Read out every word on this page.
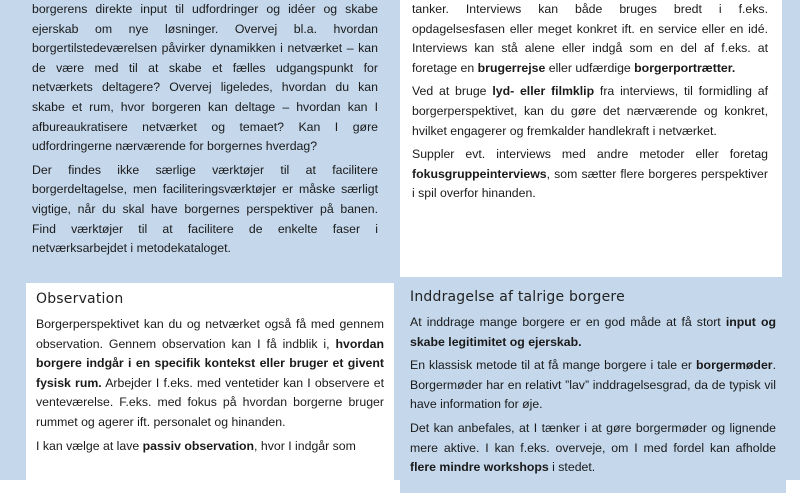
borgerens direkte input til udfordringer og idéer og skabe ejerskab om nye løsninger. Overvej bl.a. hvordan borgertilstedeværelsen påvirker dynamikken i netværket – kan de være med til at skabe et fælles udgangspunkt for netværkets deltagere? Overvej ligeledes, hvordan du kan skabe et rum, hvor borgeren kan deltage – hvordan kan I afbureaukratisere netværket og temaet? Kan I gøre udfordringerne nærværende for borgernes hverdag?

Der findes ikke særlige værktøjer til at facilitere borgerdeltagelse, men faciliteringsværktøjer er måske særligt vigtige, når du skal have borgernes perspektiver på banen. Find værktøjer til at facilitere de enkelte faser i netværksarbejdet i metodekataloget.

tanker. Interviews kan både bruges bredt i f.eks. opdagelsesfasen eller meget konkret ift. en service eller en idé. Interviews kan stå alene eller indgå som en del af f.eks. at foretage en brugerrejse eller udfærdige borgerportrætter.

Ved at bruge lyd- eller filmklip fra interviews, til formidling af borgerperspektivet, kan du gøre det nærværende og konkret, hvilket engagerer og fremkalder handlekraft i netværket.

Suppler evt. interviews med andre metoder eller foretag fokusgruppeinterviews, som sætter flere borgeres perspektiver i spil overfor hinanden.

Observation

Borgerperspektivet kan du og netværket også få med gennem observation. Gennem observation kan I få indblik i, hvordan borgere indgår i en specifik kontekst eller bruger et givent fysisk rum. Arbejder I f.eks. med ventetider kan I observere et venteværelse. F.eks. med fokus på hvordan borgerne bruger rummet og agerer ift. personalet og hinanden.

I kan vælge at lave passiv observation, hvor I indgår som

Inddragelse af talrige borgere

At inddrage mange borgere er en god måde at få stort input og skabe legitimitet og ejerskab.

En klassisk metode til at få mange borgere i tale er borgermøder. Borgermøder har en relativt ”lav” inddragelsesgrad, da de typisk vil have information for øje.

Det kan anbefales, at I tænker i at gøre borgermøder og lignende mere aktive. I kan f.eks. overveje, om I med fordel kan afholde flere mindre workshops i stedet.
